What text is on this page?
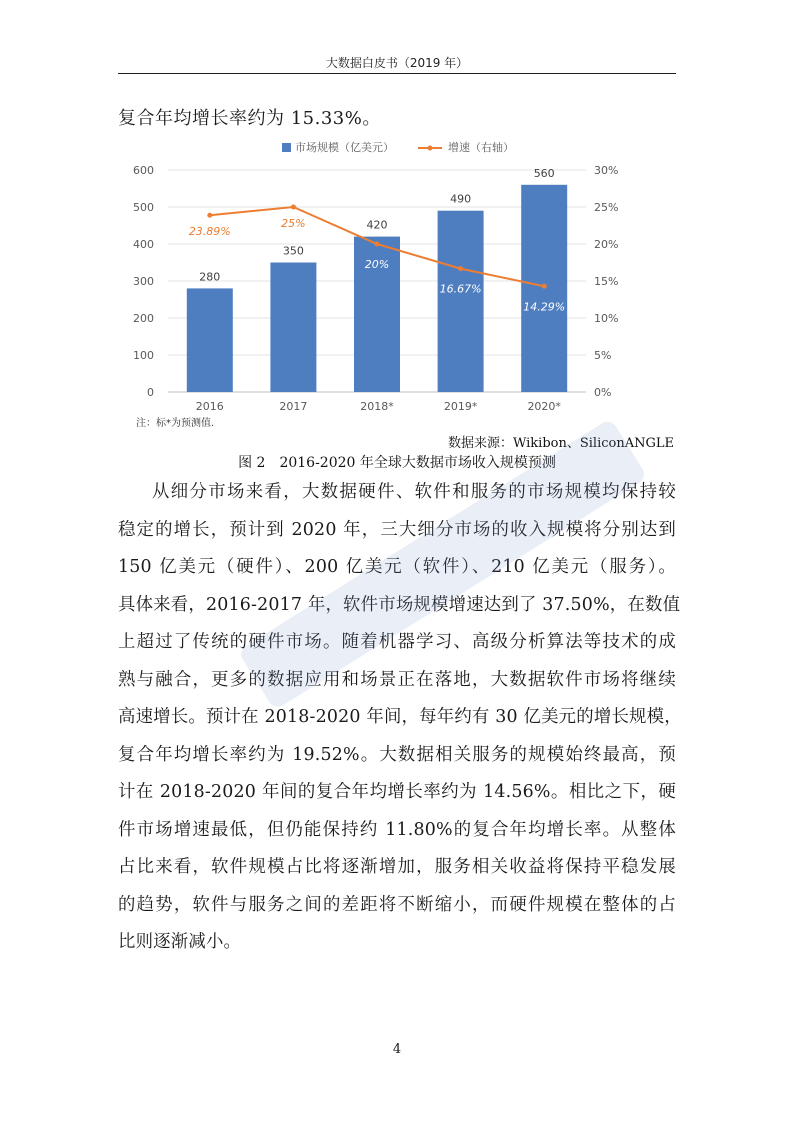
大数据白皮书（2019 年）
复合年均增长率约为 15.33%。
0
100
200
300
400
500
600
0%
5%
10%
15%
20%
25%
30%
280
2016
350
2017
420
2018*
490
2019*
560
2020*
23.89%
25%
20%
16.67%
14.29%
市场规模（亿美元）	增速（右轴）
注：标*为预测值.
数据来源：Wikibon、SiliconANGLE
图 2　2016-2020 年全球大数据市场收入规模预测
从细分市场来看，大数据硬件、软件和服务的市场规模均保持较
稳定的增长，预计到 2020 年，三大细分市场的收入规模将分别达到
150 亿美元（硬件）、200 亿美元（软件）、210 亿美元（服务）。
具体来看，2016-2017 年，软件市场规模增速达到了 37.50%，在数值
上超过了传统的硬件市场。随着机器学习、高级分析算法等技术的成
熟与融合，更多的数据应用和场景正在落地，大数据软件市场将继续
高速增长。预计在 2018-2020 年间，每年约有 30 亿美元的增长规模，
复合年均增长率约为 19.52%。大数据相关服务的规模始终最高，预
计在 2018-2020 年间的复合年均增长率约为 14.56%。相比之下，硬
件市场增速最低，但仍能保持约 11.80%的复合年均增长率。从整体
占比来看，软件规模占比将逐渐增加，服务相关收益将保持平稳发展
的趋势，软件与服务之间的差距将不断缩小，而硬件规模在整体的占
比则逐渐减小。
4
